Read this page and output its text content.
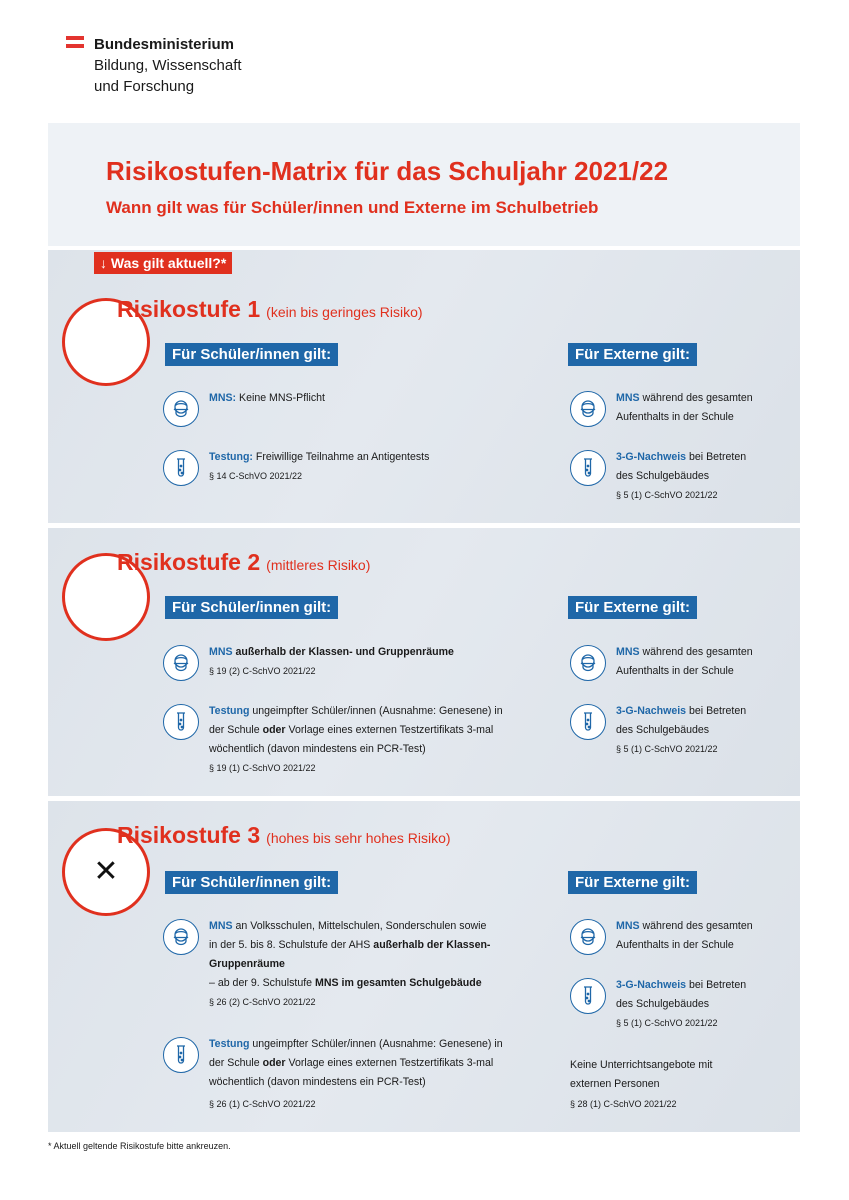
Bundesministerium
Bildung, Wissenschaft
und Forschung
Risikostufen-Matrix für das Schuljahr 2021/22
Wann gilt was für Schüler/innen und Externe im Schulbetrieb
↓ Was gilt aktuell?*
Risikostufe 1 (kein bis geringes Risiko)
Für Schüler/innen gilt:	Für Externe gilt:
MNS: Keine MNS-Pflicht
Testung: Freiwillige Teilnahme an Antigentests
§ 14 C-SchVO 2021/22
MNS während des gesamten
Aufenthalts in der Schule
3-G-Nachweis bei Betreten
des Schulgebäudes
§ 5 (1) C-SchVO 2021/22
Risikostufe 2 (mittleres Risiko)
Für Schüler/innen gilt:	Für Externe gilt:
MNS außerhalb der Klassen- und Gruppenräume
§ 19 (2) C-SchVO 2021/22
Testung ungeimpfter Schüler/innen (Ausnahme: Genesene) in
der Schule oder Vorlage eines externen Testzertifikats 3-mal
wöchentlich (davon mindestens ein PCR-Test)
§ 19 (1) C-SchVO 2021/22
MNS während des gesamten
Aufenthalts in der Schule
3-G-Nachweis bei Betreten
des Schulgebäudes
§ 5 (1) C-SchVO 2021/22
✕
Risikostufe 3 (hohes bis sehr hohes Risiko)
Für Schüler/innen gilt:	Für Externe gilt:
MNS an Volksschulen, Mittelschulen, Sonderschulen sowie
in der 5. bis 8. Schulstufe der AHS außerhalb der Klassen-
Gruppenräume
– ab der 9. Schulstufe MNS im gesamten Schulgebäude
§ 26 (2) C-SchVO 2021/22
Testung ungeimpfter Schüler/innen (Ausnahme: Genesene) in
der Schule oder Vorlage eines externen Testzertifikats 3-mal
wöchentlich (davon mindestens ein PCR-Test)
§ 26 (1) C-SchVO 2021/22
MNS während des gesamten
Aufenthalts in der Schule
3-G-Nachweis bei Betreten
des Schulgebäudes
§ 5 (1) C-SchVO 2021/22
Keine Unterrichtsangebote mit
externen Personen
§ 28 (1) C-SchVO 2021/22
* Aktuell geltende Risikostufe bitte ankreuzen.
